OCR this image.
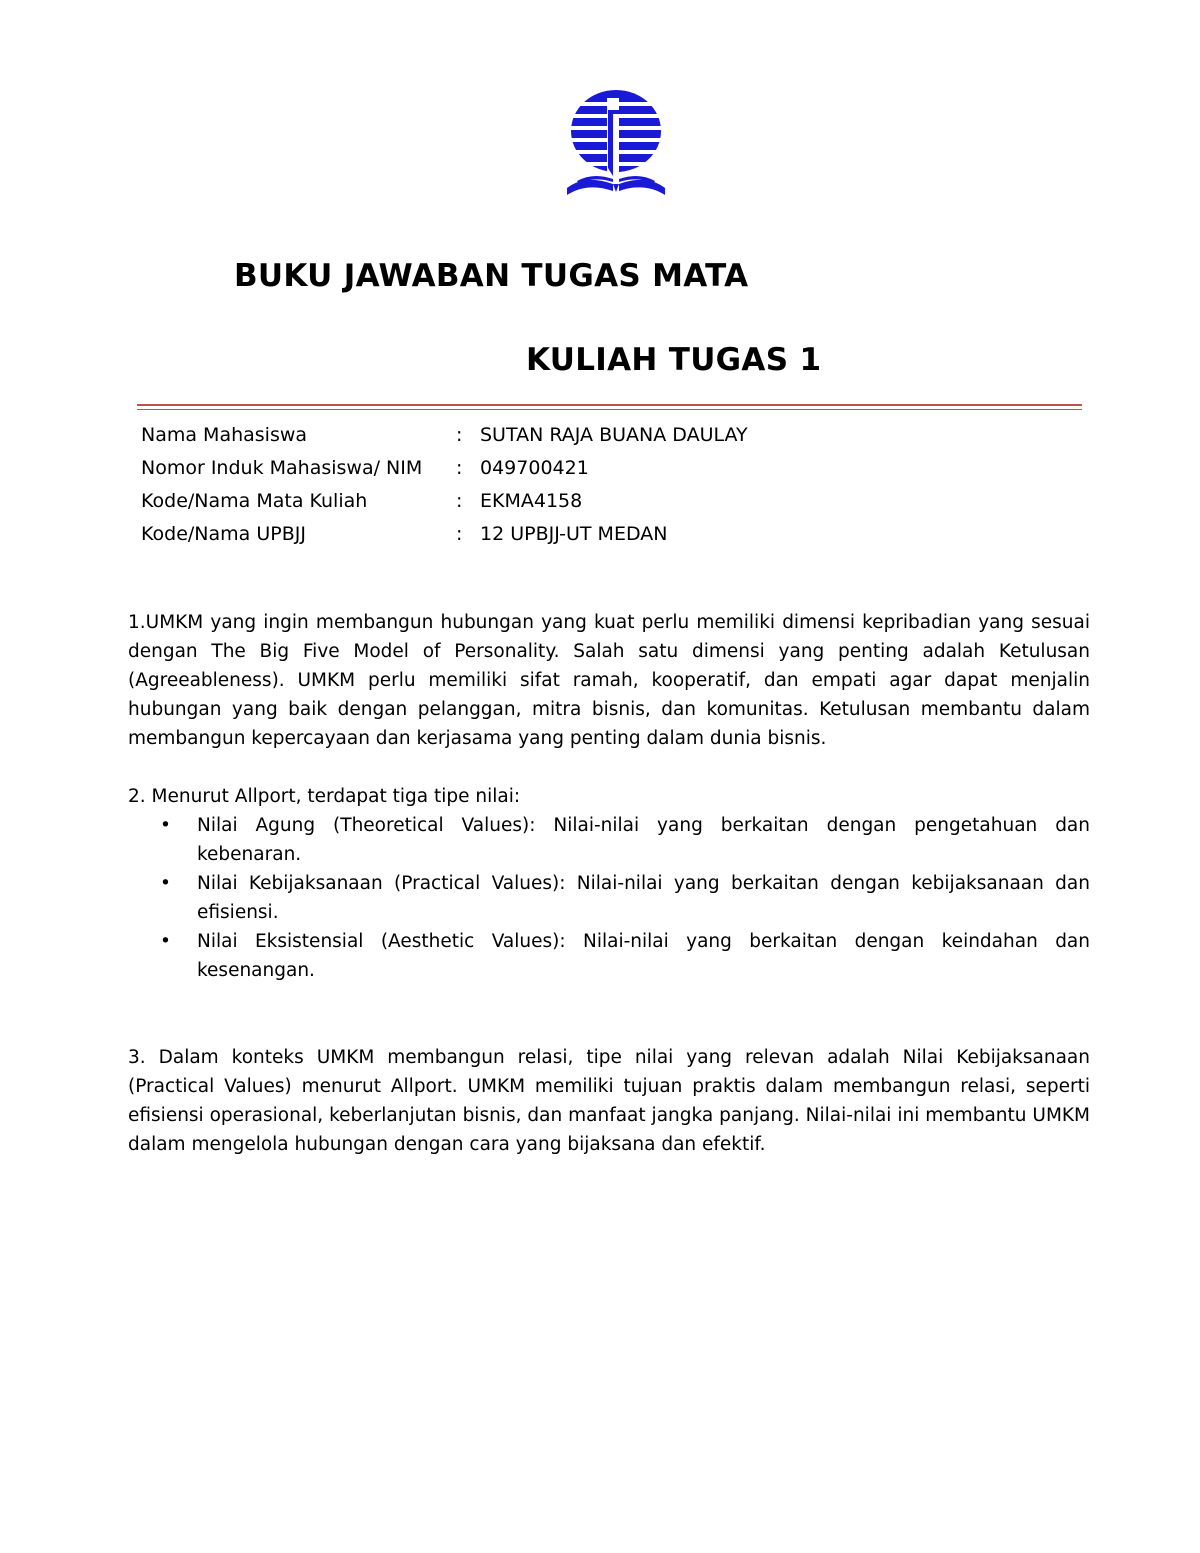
BUKU JAWABAN TUGAS MATA
KULIAH TUGAS 1
Nama Mahasiswa	: SUTAN RAJA BUANA DAULAY
Nomor Induk Mahasiswa/ NIM	: 049700421
Kode/Nama Mata Kuliah	: EKMA4158
Kode/Nama UPBJJ	: 12 UPBJJ-UT MEDAN

1.UMKM yang ingin membangun hubungan yang kuat perlu memiliki dimensi kepribadian yang sesuai dengan The Big Five Model of Personality. Salah satu dimensi yang penting adalah Ketulusan (Agreeableness). UMKM perlu memiliki sifat ramah, kooperatif, dan empati agar dapat menjalin hubungan yang baik dengan pelanggan, mitra bisnis, dan komunitas. Ketulusan membantu dalam membangun kepercayaan dan kerjasama yang penting dalam dunia bisnis.

2. Menurut Allport, terdapat tiga tipe nilai:

• Nilai Agung (Theoretical Values): Nilai-nilai yang berkaitan dengan pengetahuan dan kebenaran.
• Nilai Kebijaksanaan (Practical Values): Nilai-nilai yang berkaitan dengan kebijaksanaan dan efisiensi.
• Nilai Eksistensial (Aesthetic Values): Nilai-nilai yang berkaitan dengan keindahan dan kesenangan.

3. Dalam konteks UMKM membangun relasi, tipe nilai yang relevan adalah Nilai Kebijaksanaan (Practical Values) menurut Allport. UMKM memiliki tujuan praktis dalam membangun relasi, seperti efisiensi operasional, keberlanjutan bisnis, dan manfaat jangka panjang. Nilai-nilai ini membantu UMKM dalam mengelola hubungan dengan cara yang bijaksana dan efektif.
